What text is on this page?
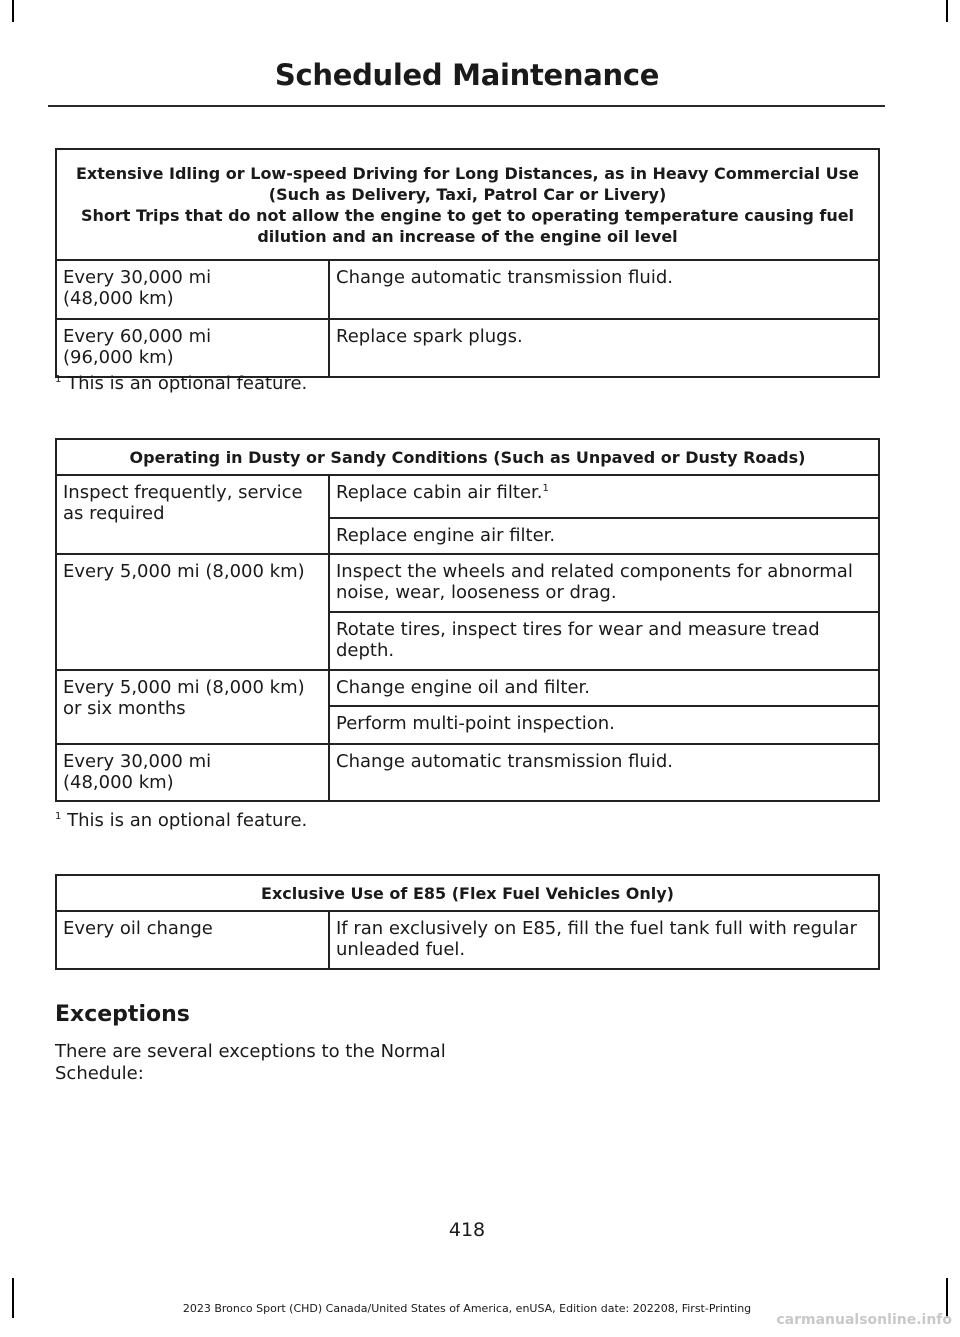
Scheduled Maintenance
Extensive Idling or Low-speed Driving for Long Distances, as in Heavy Commercial Use (Such as Delivery, Taxi, Patrol Car or Livery)
Short Trips that do not allow the engine to get to operating temperature causing fuel dilution and an increase of the engine oil level	

Every 30,000 mi
(48,000 km)	Change automatic transmission fluid.

Every 60,000 mi
(96,000 km)	Replace spark plugs.
$^1$ This is an optional feature.
Operating in Dusty or Sandy Conditions (Such as Unpaved or Dusty Roads)	
Inspect frequently, service as required	Replace cabin air filter.$^1$
	Replace engine air filter.
Every 5,000 mi (8,000 km)	Inspect the wheels and related components for abnormal noise, wear, looseness or drag.
	Rotate tires, inspect tires for wear and measure tread depth.
Every 5,000 mi (8,000 km) or six months	Change engine oil and filter.
	Perform multi-point inspection.

Every 30,000 mi
(48,000 km)	Change automatic transmission fluid.
$^1$ This is an optional feature.
Exclusive Use of E85 (Flex Fuel Vehicles Only)
Every oil change	If ran exclusively on E85, fill the fuel tank full with regular unleaded fuel.
Exceptions
There are several exceptions to the Normal Schedule:
418
2023 Bronco Sport (CHD) Canada/United States of America, enUSA, Edition date: 202208, First-Printing
carmanualsonline.info
